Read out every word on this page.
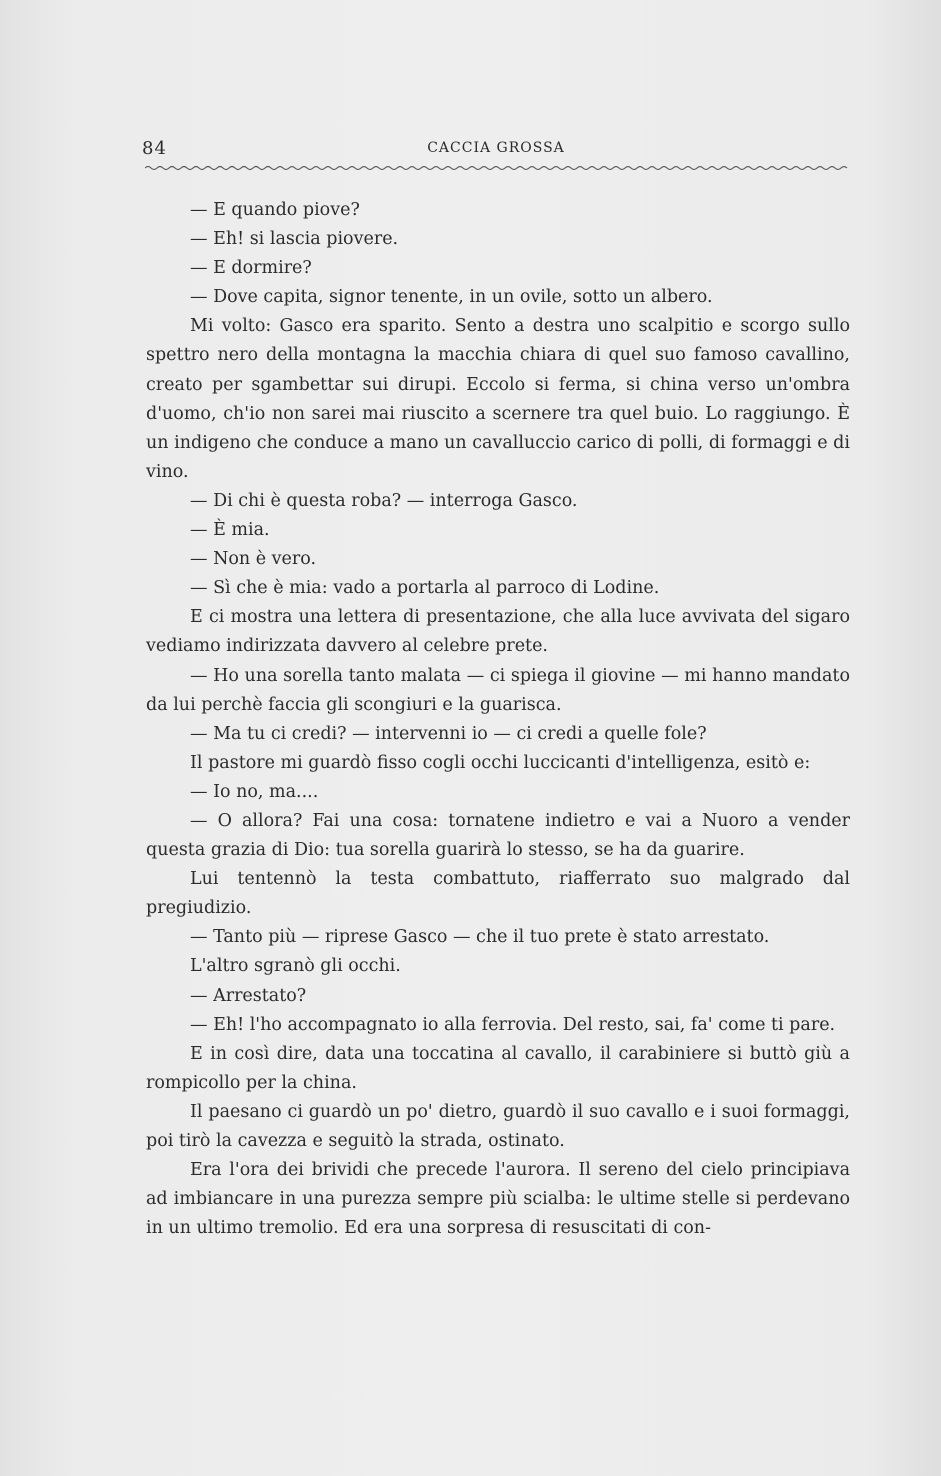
84	CACCIA GROSSA

— E quando piove?

— Eh! si lascia piovere.

— E dormire?

— Dove capita, signor tenente, in un ovile, sotto un albero.

Mi volto: Gasco era sparito. Sento a destra uno scalpitio e scorgo sullo spettro nero della montagna la macchia chiara di quel suo famoso cavallino, creato per sgambettar sui dirupi. Eccolo si ferma, si china verso un'ombra d'uomo, ch'io non sarei mai riuscito a scernere tra quel buio. Lo raggiungo. È un indigeno che conduce a mano un cavalluccio carico di polli, di formaggi e di vino.

— Di chi è questa roba? — interroga Gasco.

— È mia.

— Non è vero.

— Sì che è mia: vado a portarla al parroco di Lodine.

E ci mostra una lettera di presentazione, che alla luce avvivata del sigaro vediamo indirizzata davvero al celebre prete.

— Ho una sorella tanto malata — ci spiega il giovine — mi hanno mandato da lui perchè faccia gli scongiuri e la guarisca.

— Ma tu ci credi? — intervenni io — ci credi a quelle fole?

Il pastore mi guardò fisso cogli occhi luccicanti d'intelligenza, esitò e:

— Io no, ma....

— O allora? Fai una cosa: tornatene indietro e vai a Nuoro a vender questa grazia di Dio: tua sorella guarirà lo stesso, se ha da guarire.

Lui tentennò la testa combattuto, riafferrato suo malgrado dal pregiudizio.

— Tanto più — riprese Gasco — che il tuo prete è stato arrestato.

L'altro sgranò gli occhi.

— Arrestato?

— Eh! l'ho accompagnato io alla ferrovia. Del resto, sai, fa' come ti pare.

E in così dire, data una toccatina al cavallo, il carabiniere si buttò giù a rompicollo per la china.

Il paesano ci guardò un po' dietro, guardò il suo cavallo e i suoi formaggi, poi tirò la cavezza e seguitò la strada, ostinato.

Era l'ora dei brividi che precede l'aurora. Il sereno del cielo principiava ad imbiancare in una purezza sempre più scialba: le ultime stelle si perdevano in un ultimo tremolio. Ed era una sorpresa di resuscitati di con-
